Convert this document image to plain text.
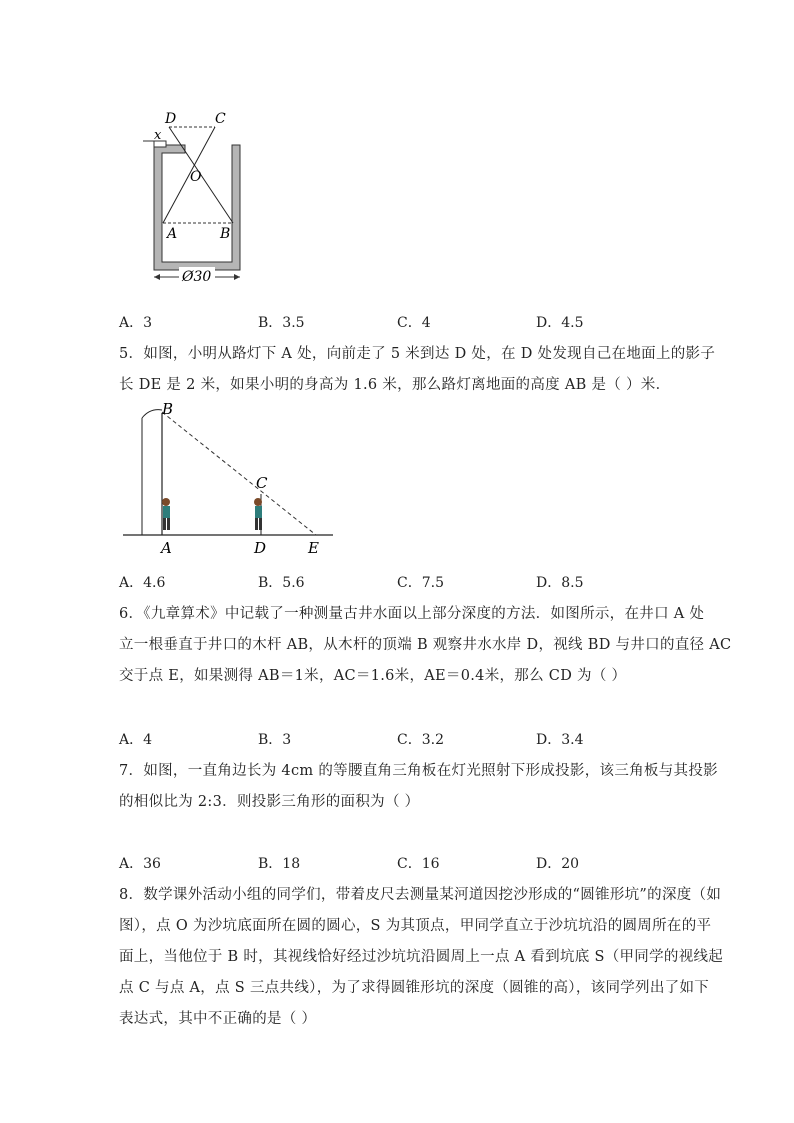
D	C
x
O
A	B
Ø30
A．3	B．3.5	C．4	D．4.5
5．如图，小明从路灯下 A 处，向前走了 5 米到达 D 处，在 D 处发现自己在地面上的影子
长 DE 是 2 米，如果小明的身高为 1.6 米，那么路灯离地面的高度 AB 是（ ）米．
B
C
A	D	E
A．4.6	B．5.6	C．7.5	D．8.5
6．《九章算术》中记载了一种测量古井水面以上部分深度的方法．如图所示，在井口 A 处
立一根垂直于井口的木杆 AB，从木杆的顶端 B 观察井水水岸 D，视线 BD 与井口的直径 AC
交于点 E，如果测得 AB＝1米，AC＝1.6米，AE＝0.4米，那么 CD 为（ ）
A．4	B．3	C．3.2	D．3.4
7．如图，一直角边长为 4cm 的等腰直角三角板在灯光照射下形成投影，该三角板与其投影
的相似比为 2:3．则投影三角形的面积为（ ）
A．36	B．18	C．16	D．20
8．数学课外活动小组的同学们，带着皮尺去测量某河道因挖沙形成的“圆锥形坑”的深度（如
图），点 O 为沙坑底面所在圆的圆心，S 为其顶点，甲同学直立于沙坑坑沿的圆周所在的平
面上，当他位于 B 时，其视线恰好经过沙坑坑沿圆周上一点 A 看到坑底 S（甲同学的视线起
点 C 与点 A，点 S 三点共线），为了求得圆锥形坑的深度（圆锥的高），该同学列出了如下
表达式，其中不正确的是（ ）
